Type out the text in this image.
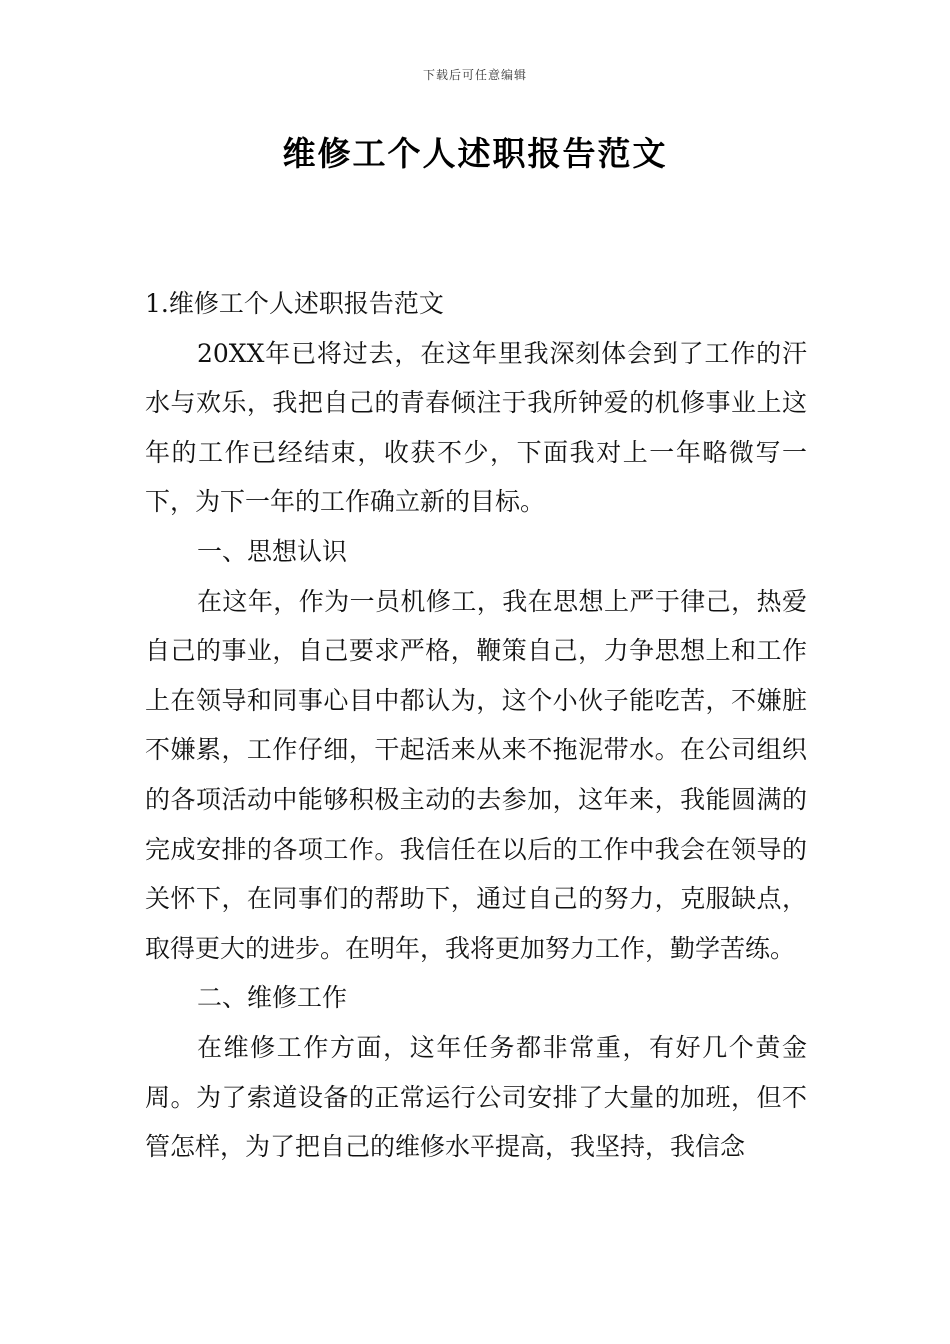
下载后可任意编辑
维修工个人述职报告范文

1.维修工个人述职报告范文

20XX年已将过去，在这年里我深刻体会到了工作的汗水与欢乐，我把自己的青春倾注于我所钟爱的机修事业上这年的工作已经结束，收获不少，下面我对上一年略微写一下，为下一年的工作确立新的目标。

一、思想认识

在这年，作为一员机修工，我在思想上严于律己，热爱自己的事业，自己要求严格，鞭策自己，力争思想上和工作上在领导和同事心目中都认为，这个小伙子能吃苦，不嫌脏不嫌累，工作仔细，干起活来从来不拖泥带水。在公司组织的各项活动中能够积极主动的去参加，这年来，我能圆满的完成安排的各项工作。我信任在以后的工作中我会在领导的关怀下，在同事们的帮助下，通过自己的努力，克服缺点，取得更大的进步。在明年，我将更加努力工作，勤学苦练。

二、维修工作

在维修工作方面，这年任务都非常重，有好几个黄金周。为了索道设备的正常运行公司安排了大量的加班，但不管怎样，为了把自己的维修水平提高，我坚持，我信念
